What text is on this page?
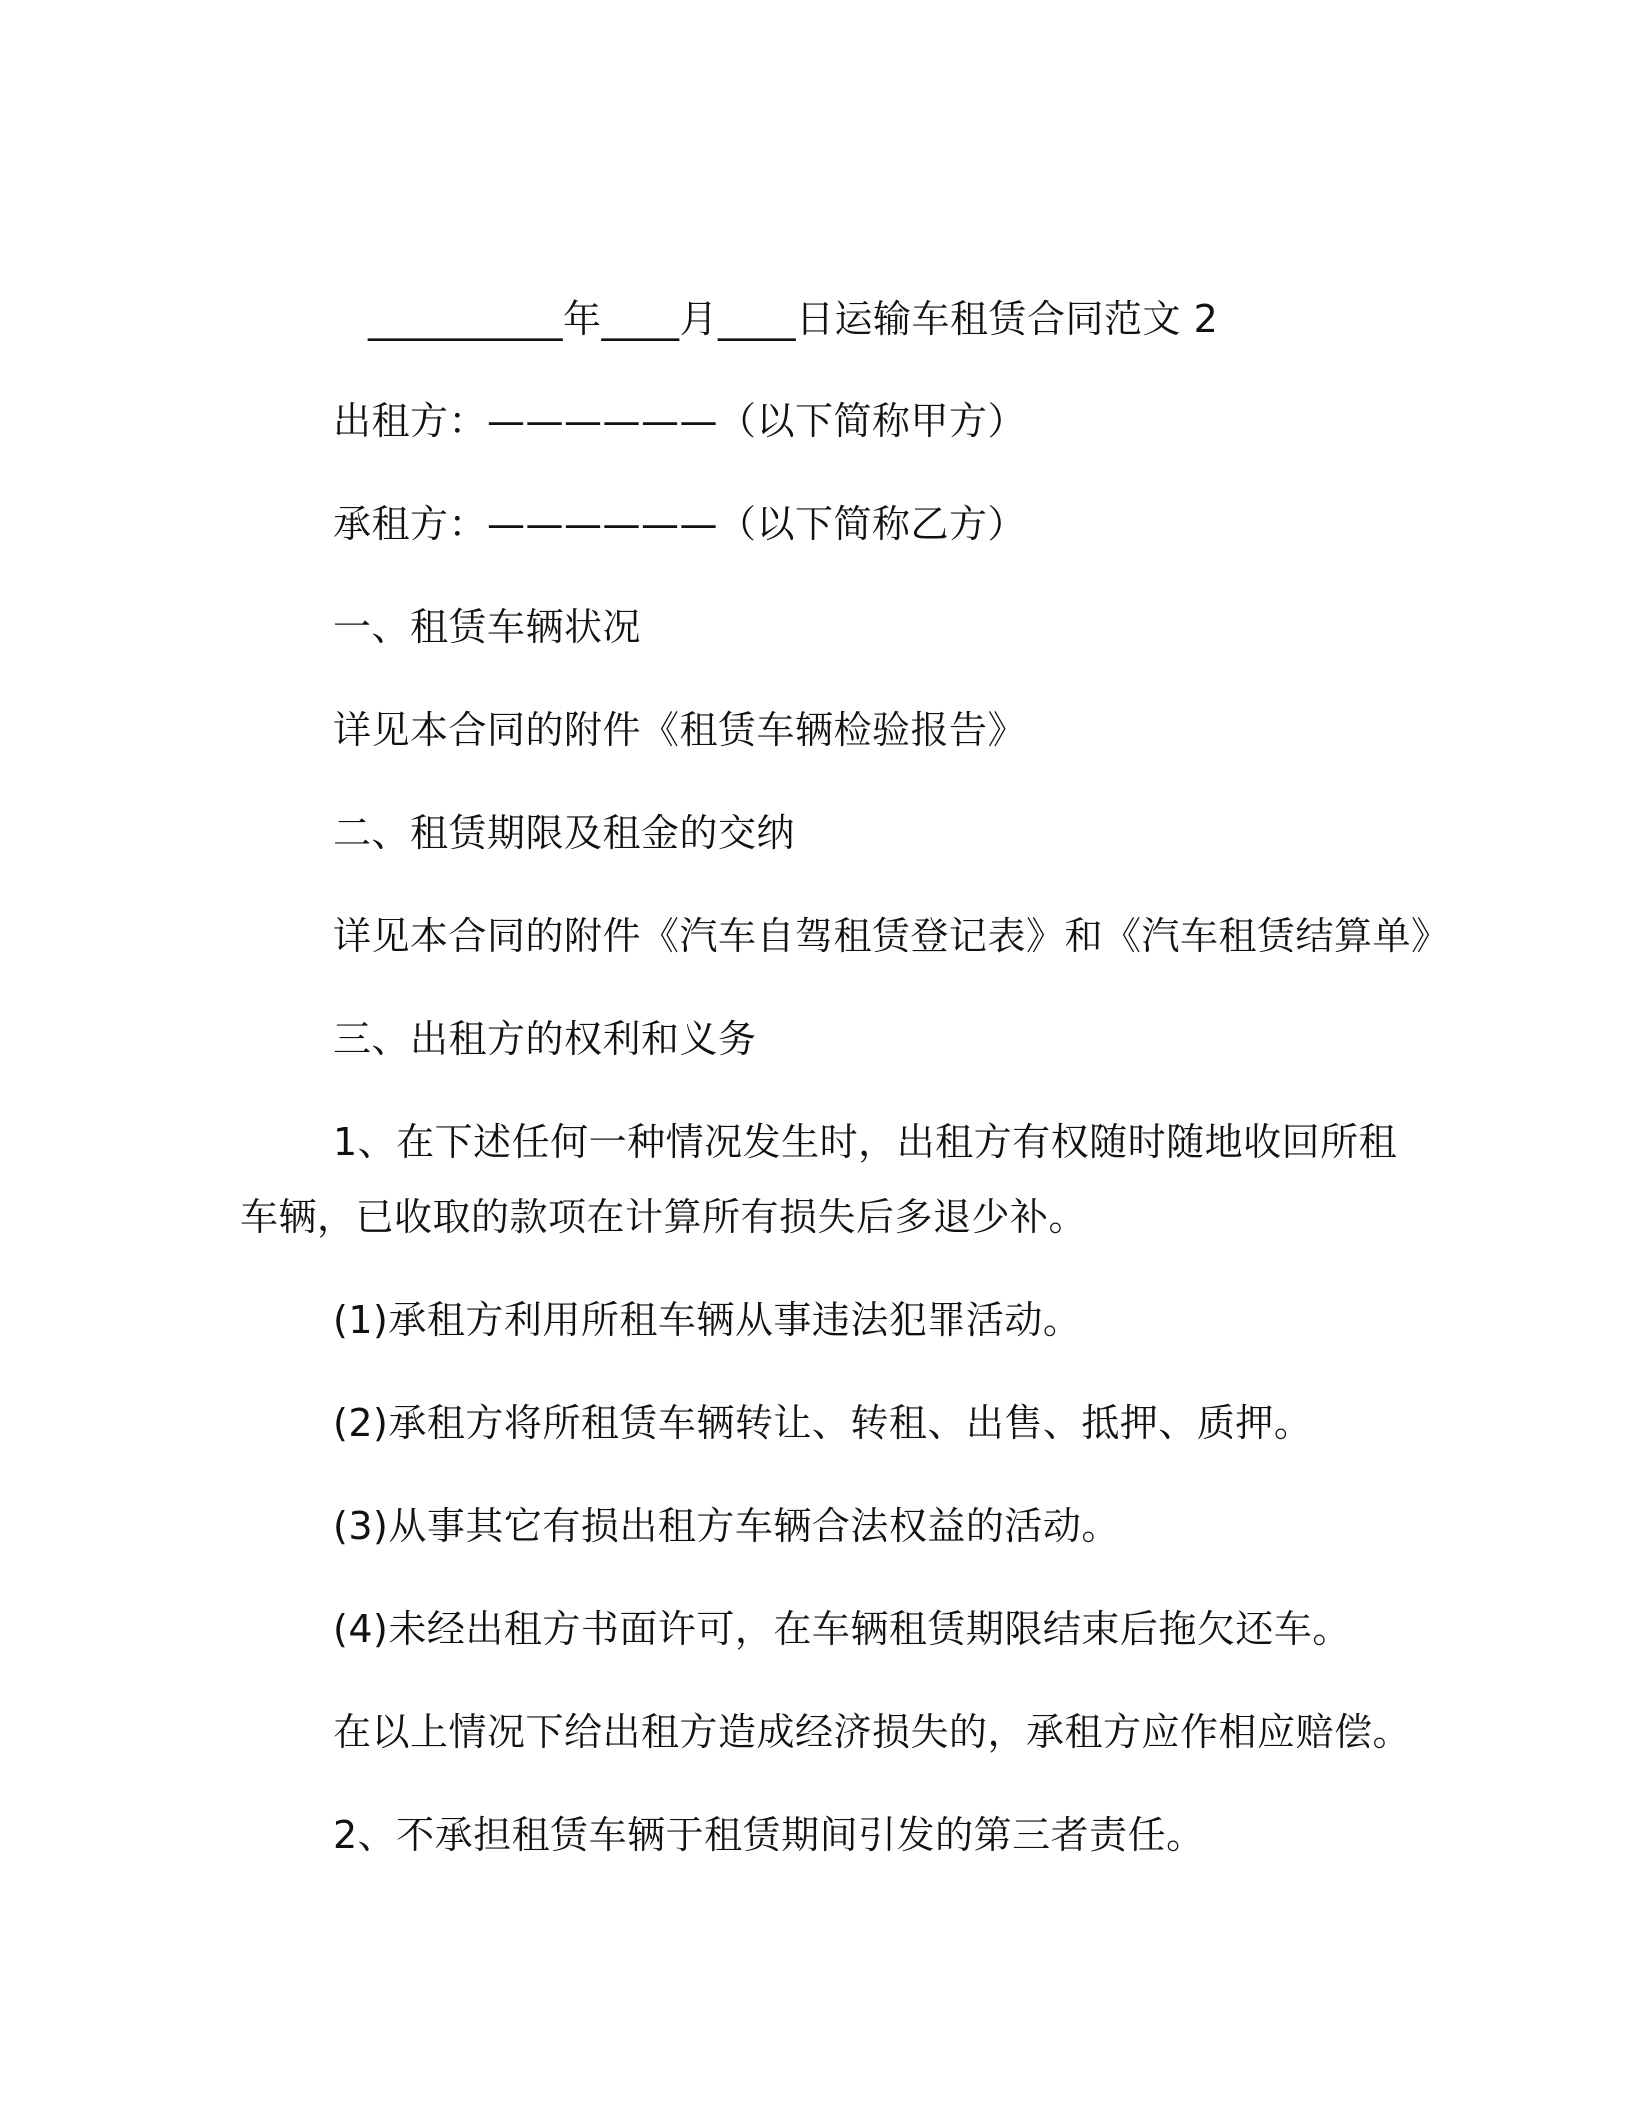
__________年____月____日运输车租赁合同范文 2
出租方：——————（以下简称甲方）
承租方：——————（以下简称乙方）
一、租赁车辆状况
详见本合同的附件《租赁车辆检验报告》
二、租赁期限及租金的交纳
详见本合同的附件《汽车自驾租赁登记表》和《汽车租赁结算单》
三、出租方的权利和义务
1、在下述任何一种情况发生时，出租方有权随时随地收回所租
车辆，已收取的款项在计算所有损失后多退少补。
(1)承租方利用所租车辆从事违法犯罪活动。
(2)承租方将所租赁车辆转让、转租、出售、抵押、质押。
(3)从事其它有损出租方车辆合法权益的活动。
(4)未经出租方书面许可，在车辆租赁期限结束后拖欠还车。
在以上情况下给出租方造成经济损失的，承租方应作相应赔偿。
2、不承担租赁车辆于租赁期间引发的第三者责任。
